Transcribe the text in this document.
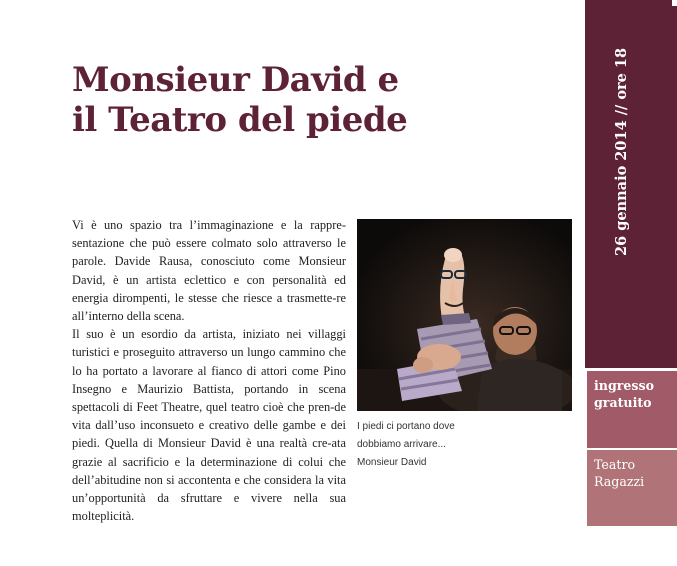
Monsieur David e
il Teatro del piede

Vi è uno spazio tra l’immaginazione e la rappre-sentazione che può essere colmato solo attraverso le parole. Davide Rausa, conosciuto come Monsieur David, è un artista eclettico e con personalità ed energia dirompenti, le stesse che riesce a trasmette-re all’interno della scena.

Il suo è un esordio da artista, iniziato nei villaggi turistici e proseguito attraverso un lungo cammino che lo ha portato a lavorare al fianco di attori come Pino Insegno e Maurizio Battista, portando in scena spettacoli di Feet Theatre, quel teatro cioè che pren-de vita dall’uso inconsueto e creativo delle gambe e dei piedi. Quella di Monsieur David è una realtà cre-ata grazie al sacrificio e la determinazione di colui che dell’abitudine non si accontenta e che considera la vita un’opportunità da sfruttare e vivere nella sua molteplicità.

I piedi ci portano dove
dobbiamo arrivare...
Monsieur David

26 gennaio 2014 // ore 18

ingresso
gratuito
Teatro
Ragazzi
